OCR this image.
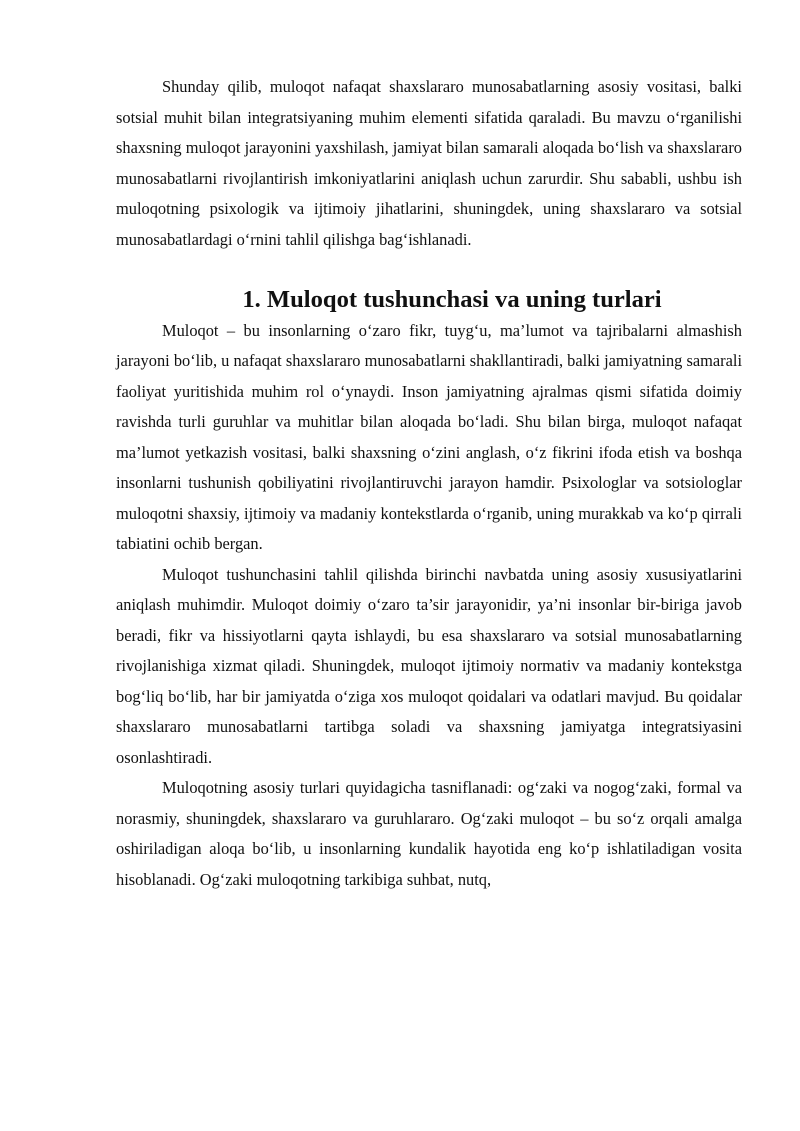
Shunday qilib, muloqot nafaqat shaxslararo munosabatlarning asosiy vositasi, balki sotsial muhit bilan integratsiyaning muhim elementi sifatida qaraladi. Bu mavzu o‘rganilishi shaxsning muloqot jarayonini yaxshilash, jamiyat bilan samarali aloqada bo‘lish va shaxslararo munosabatlarni rivojlantirish imkoniyatlarini aniqlash uchun zarurdir. Shu sababli, ushbu ish muloqotning psixologik va ijtimoiy jihatlarini, shuningdek, uning shaxslararo va sotsial munosabatlardagi o‘rnini tahlil qilishga bag‘ishlanadi.

1. Muloqot tushunchasi va uning turlari

Muloqot – bu insonlarning o‘zaro fikr, tuyg‘u, ma’lumot va tajribalarni almashish jarayoni bo‘lib, u nafaqat shaxslararo munosabatlarni shakllantiradi, balki jamiyatning samarali faoliyat yuritishida muhim rol o‘ynaydi. Inson jamiyatning ajralmas qismi sifatida doimiy ravishda turli guruhlar va muhitlar bilan aloqada bo‘ladi. Shu bilan birga, muloqot nafaqat ma’lumot yetkazish vositasi, balki shaxsning o‘zini anglash, o‘z fikrini ifoda etish va boshqa insonlarni tushunish qobiliyatini rivojlantiruvchi jarayon hamdir. Psixologlar va sotsiologlar muloqotni shaxsiy, ijtimoiy va madaniy kontekstlarda o‘rganib, uning murakkab va ko‘p qirrali tabiatini ochib bergan.

Muloqot tushunchasini tahlil qilishda birinchi navbatda uning asosiy xususiyatlarini aniqlash muhimdir. Muloqot doimiy o‘zaro ta’sir jarayonidir, ya’ni insonlar bir-biriga javob beradi, fikr va hissiyotlarni qayta ishlaydi, bu esa shaxslararo va sotsial munosabatlarning rivojlanishiga xizmat qiladi. Shuningdek, muloqot ijtimoiy normativ va madaniy kontekstga bog‘liq bo‘lib, har bir jamiyatda o‘ziga xos muloqot qoidalari va odatlari mavjud. Bu qoidalar shaxslararo munosabatlarni tartibga soladi va shaxsning jamiyatga integratsiyasini osonlashtiradi.

Muloqotning asosiy turlari quyidagicha tasniflanadi: og‘zaki va nogog‘zaki, formal va norasmiy, shuningdek, shaxslararo va guruhlararo. Og‘zaki muloqot – bu so‘z orqali amalga oshiriladigan aloqa bo‘lib, u insonlarning kundalik hayotida eng ko‘p ishlatiladigan vosita hisoblanadi. Og‘zaki muloqotning tarkibiga suhbat, nutq,
